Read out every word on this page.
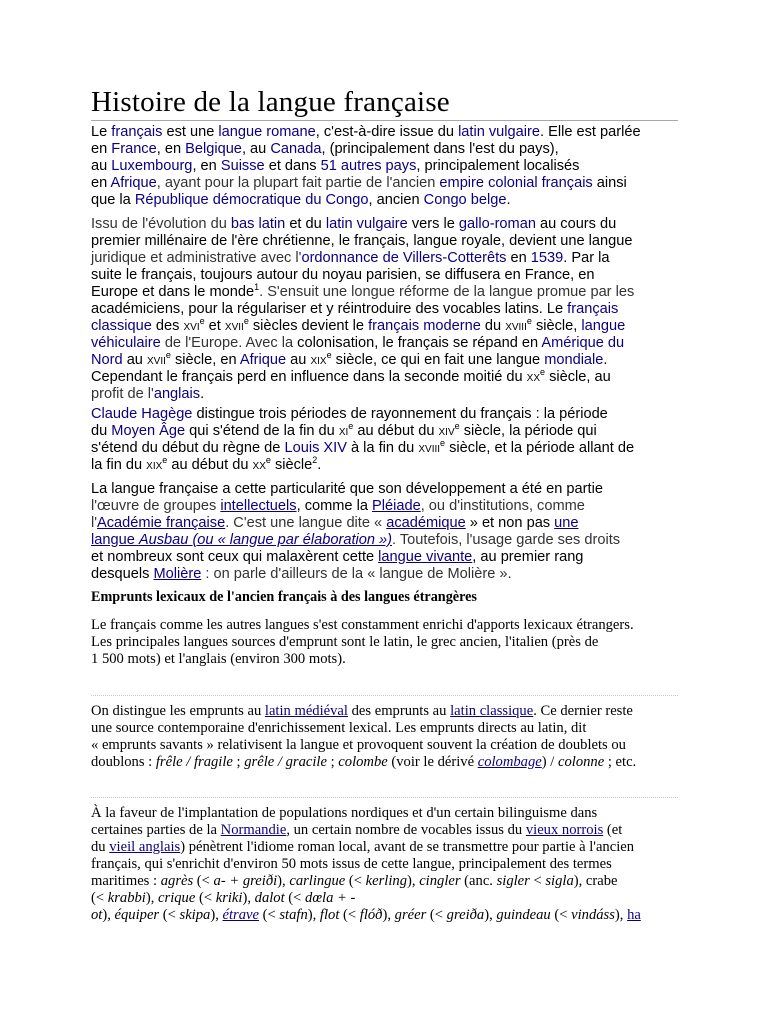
Histoire de la langue française

Le français est une langue romane, c'est-à-dire issue du latin vulgaire. Elle est parlée
en France, en Belgique, au Canada, (principalement dans l'est du pays),
au Luxembourg, en Suisse et dans 51 autres pays, principalement localisés
en Afrique, ayant pour la plupart fait partie de l'ancien empire colonial français ainsi
que la République démocratique du Congo, ancien Congo belge.

Issu de l'évolution du bas latin et du latin vulgaire vers le gallo-roman au cours du
premier millénaire de l'ère chrétienne, le français, langue royale, devient une langue
juridique et administrative avec l'ordonnance de Villers-Cotterêts en 1539. Par la
suite le français, toujours autour du noyau parisien, se diffusera en France, en
Europe et dans le monde$^1$. S'ensuit une longue réforme de la langue promue par les
académiciens, pour la régulariser et y réintroduire des vocables latins. Le français
classique des xvi$^e$ et xvii$^e$ siècles devient le français moderne du xviii$^e$ siècle, langue
véhiculaire de l'Europe. Avec la colonisation, le français se répand en Amérique du
Nord au xvii$^e$ siècle, en Afrique au xix$^e$ siècle, ce qui en fait une langue mondiale.
Cependant le français perd en influence dans la seconde moitié du $xx^e$ siècle, au
profit de l'anglais.

Claude Hagège distingue trois périodes de rayonnement du français : la période
du Moyen Âge qui s'étend de la fin du $xi^e$ au début du xiv$^e$ siècle, la période qui
s'étend du début du règne de Louis XIV à la fin du xviii$^e$ siècle, et la période allant de
la fin du xix$^e$ au début du $xx^e$ siècle$^2$.

La langue française a cette particularité que son développement a été en partie
l'œuvre de groupes intellectuels, comme la Pléiade, ou d'institutions, comme
l'Académie française. C'est une langue dite « académique » et non pas une
langue Ausbau (ou « langue par élaboration »). Toutefois, l'usage garde ses droits
et nombreux sont ceux qui malaxèrent cette langue vivante, au premier rang
desquels Molière : on parle d'ailleurs de la « langue de Molière ».

Emprunts lexicaux de l'ancien français à des langues étrangères

Le français comme les autres langues s'est constamment enrichi d'apports lexicaux étrangers.
Les principales langues sources d'emprunt sont le latin, le grec ancien, l'italien (près de
1 500 mots) et l'anglais (environ 300 mots).

On distingue les emprunts au latin médiéval des emprunts au latin classique. Ce dernier reste
une source contemporaine d'enrichissement lexical. Les emprunts directs au latin, dit
« emprunts savants » relativisent la langue et provoquent souvent la création de doublets ou
doublons : frêle / fragile ; grêle / gracile ; colombe (voir le dérivé colombage) / colonne ; etc.

À la faveur de l'implantation de populations nordiques et d'un certain bilinguisme dans
certaines parties de la Normandie, un certain nombre de vocables issus du vieux norrois (et
du vieil anglais) pénètrent l'idiome roman local, avant de se transmettre pour partie à l'ancien
français, qui s'enrichit d'environ 50 mots issus de cette langue, principalement des termes
maritimes : agrès (< a- + greiði), carlingue (< kerling), cingler (anc. sigler < sigla), crabe
(< krabbi), crique (< kriki), dalot (< dœla + -
ot), équiper (< skipa), étrave (< stafn), flot (< flóð), gréer (< greiða), guindeau (< vindáss), ha
